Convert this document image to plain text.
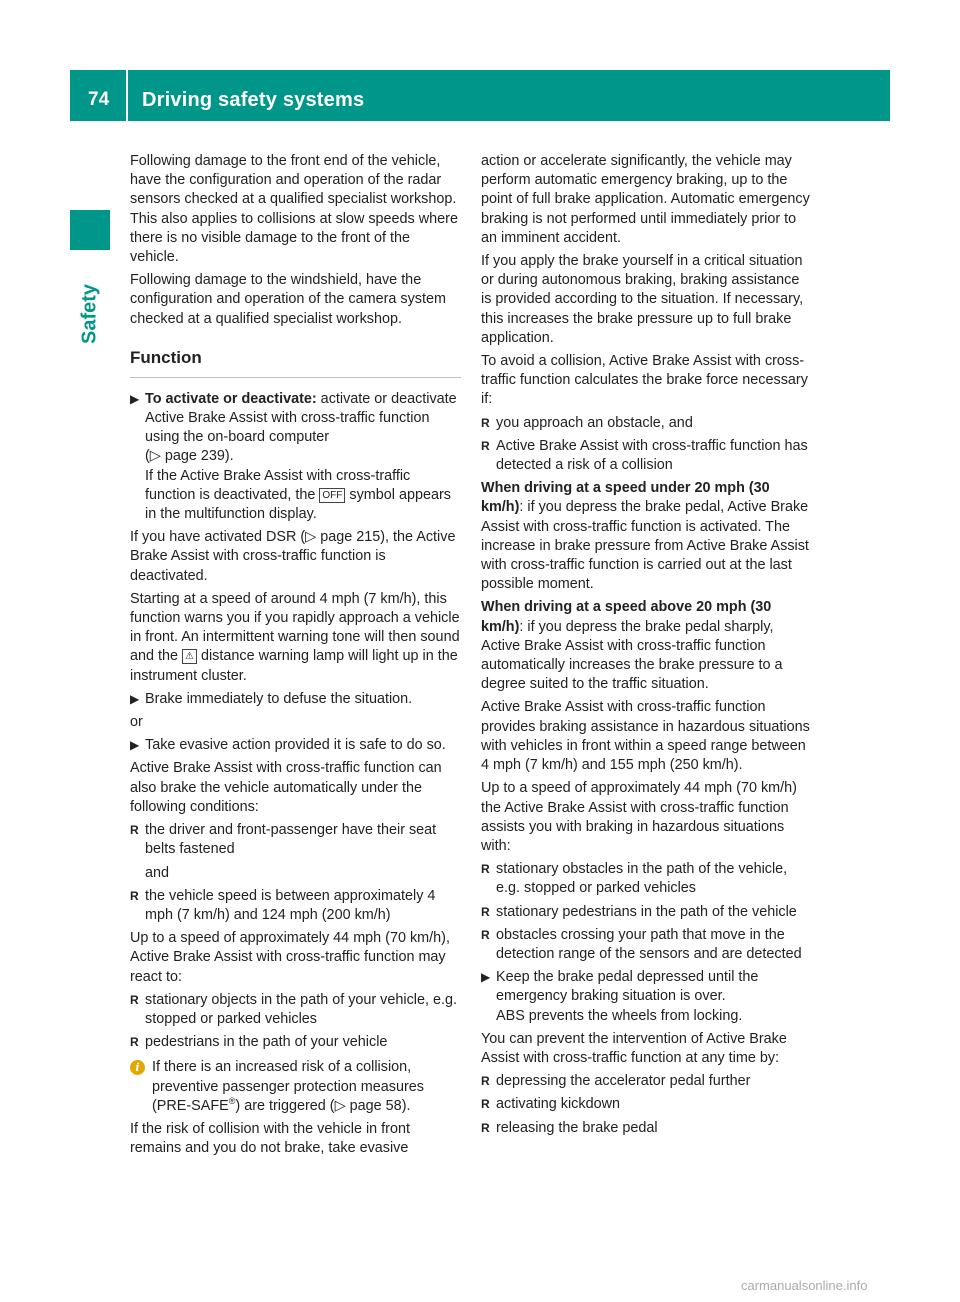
74 Driving safety systems
Safety

Following damage to the front end of the vehicle, have the configuration and operation of the radar sensors checked at a qualified specialist workshop. This also applies to collisions at slow speeds where there is no visible damage to the front of the vehicle.

Following damage to the windshield, have the configuration and operation of the camera system checked at a qualified specialist workshop.

Function
▶ To activate or deactivate: activate or deactivate Active Brake Assist with cross-traffic function using the on-board computer
(▷ page 239).
If the Active Brake Assist with cross-traffic function is deactivated, the OFF symbol appears in the multifunction display.

If you have activated DSR (▷ page 215), the Active Brake Assist with cross-traffic function is deactivated.

Starting at a speed of around 4 mph (7 km/h), this function warns you if you rapidly approach a vehicle in front. An intermittent warning tone will then sound and the ⚠ distance warning lamp will light up in the instrument cluster.

▶ Brake immediately to defuse the situation.

or

▶ Take evasive action provided it is safe to do so.

Active Brake Assist with cross-traffic function can also brake the vehicle automatically under the following conditions:

R the driver and front-passenger have their seat belts fastened

and

R the vehicle speed is between approximately 4 mph (7 km/h) and 124 mph (200 km/h)

Up to a speed of approximately 44 mph (70 km/h), Active Brake Assist with cross-traffic function may react to:

R stationary objects in the path of your vehicle, e.g. stopped or parked vehicles
R pedestrians in the path of your vehicle
i If there is an increased risk of a collision, preventive passenger protection measures (PRE-SAFE®) are triggered (▷ page 58).

If the risk of collision with the vehicle in front remains and you do not brake, take evasive

action or accelerate significantly, the vehicle may perform automatic emergency braking, up to the point of full brake application. Automatic emergency braking is not performed until immediately prior to an imminent accident.

If you apply the brake yourself in a critical situation or during autonomous braking, braking assistance is provided according to the situation. If necessary, this increases the brake pressure up to full brake application.

To avoid a collision, Active Brake Assist with cross-traffic function calculates the brake force necessary if:

R you approach an obstacle, and
R Active Brake Assist with cross-traffic function has detected a risk of a collision

When driving at a speed under 20 mph (30 km/h): if you depress the brake pedal, Active Brake Assist with cross-traffic function is activated. The increase in brake pressure from Active Brake Assist with cross-traffic function is carried out at the last possible moment.

When driving at a speed above 20 mph (30 km/h): if you depress the brake pedal sharply, Active Brake Assist with cross-traffic function automatically increases the brake pressure to a degree suited to the traffic situation.

Active Brake Assist with cross-traffic function provides braking assistance in hazardous situations with vehicles in front within a speed range between 4 mph (7 km/h) and 155 mph (250 km/h).

Up to a speed of approximately 44 mph (70 km/h) the Active Brake Assist with cross-traffic function assists you with braking in hazardous situations with:

R stationary obstacles in the path of the vehicle, e.g. stopped or parked vehicles
R stationary pedestrians in the path of the vehicle
R obstacles crossing your path that move in the detection range of the sensors and are detected
▶ Keep the brake pedal depressed until the emergency braking situation is over.
ABS prevents the wheels from locking.

You can prevent the intervention of Active Brake Assist with cross-traffic function at any time by:

R depressing the accelerator pedal further
R activating kickdown
R releasing the brake pedal
carmanualsonline.info
